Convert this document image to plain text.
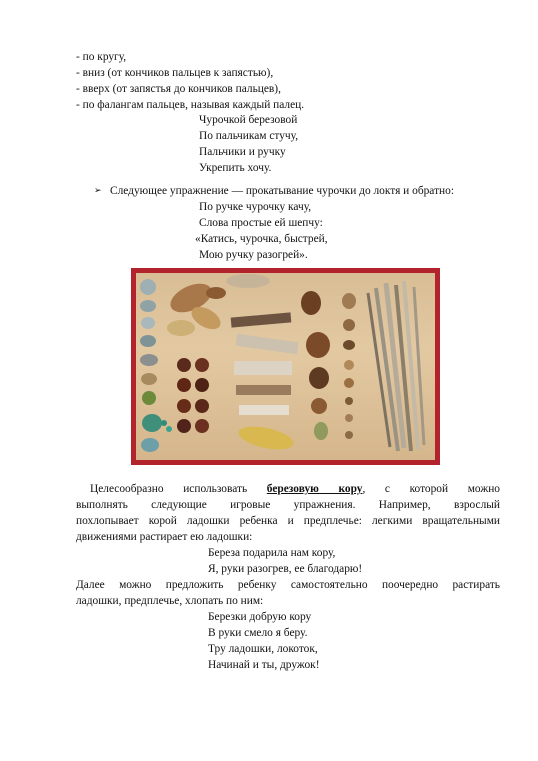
- по кругу,
- вниз (от кончиков пальцев к запястью),
- вверх (от запястья до кончиков пальцев),
- по фалангам пальцев, называя каждый палец.
Чурочкой березовой
По пальчикам стучу,
Пальчики и ручку
Укрепить хочу.
➢ Следующее упражнение — прокатывание чурочки до локтя и обратно:
По ручке чурочку качу,
Слова простые ей шепчу:
«Катись, чурочка, быстрей,
Мою ручку разогрей».
Целесообразно использовать березовую кору, с которой можно
выполнять следующие игровые упражнения. Например, взрослый
похлопывает корой ладошки ребенка и предплечье: легкими вращательными
движениями растирает ею ладошки:
Береза подарила нам кору,
Я, руки разогрев, ее благодарю!
Далее можно предложить ребенку самостоятельно поочередно растирать
ладошки, предплечье, хлопать по ним:
Березки добрую кору
В руки смело я беру.
Тру ладошки, локоток,
Начинай и ты, дружок!
